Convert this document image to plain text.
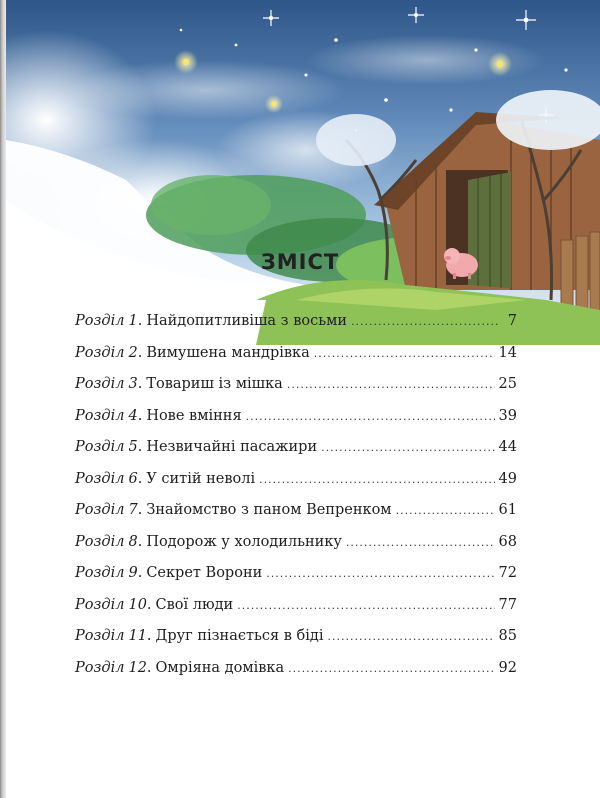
ЗМІСТ
Розділ 1 . Найдопитливіша з восьми .....	7
Розділ 2 . Вимушена мандрівка .....	14
Розділ 3 . Товариш із мішка .....	25
Розділ 4 . Нове вміння .....	39
Розділ 5 . Незвичайні пасажири .....	44
Розділ 6 . У ситій неволі .....	49
Розділ 7 . Знайомство з паном Вепренком .....	61
Розділ 8 . Подорож у холодильнику .....	68
Розділ 9 . Секрет Ворони .....	72
Розділ 10 . Свої люди .....	77
Розділ 11 . Друг пізнається в біді .....	85
Розділ 12 . Омріяна домівка .....	92
